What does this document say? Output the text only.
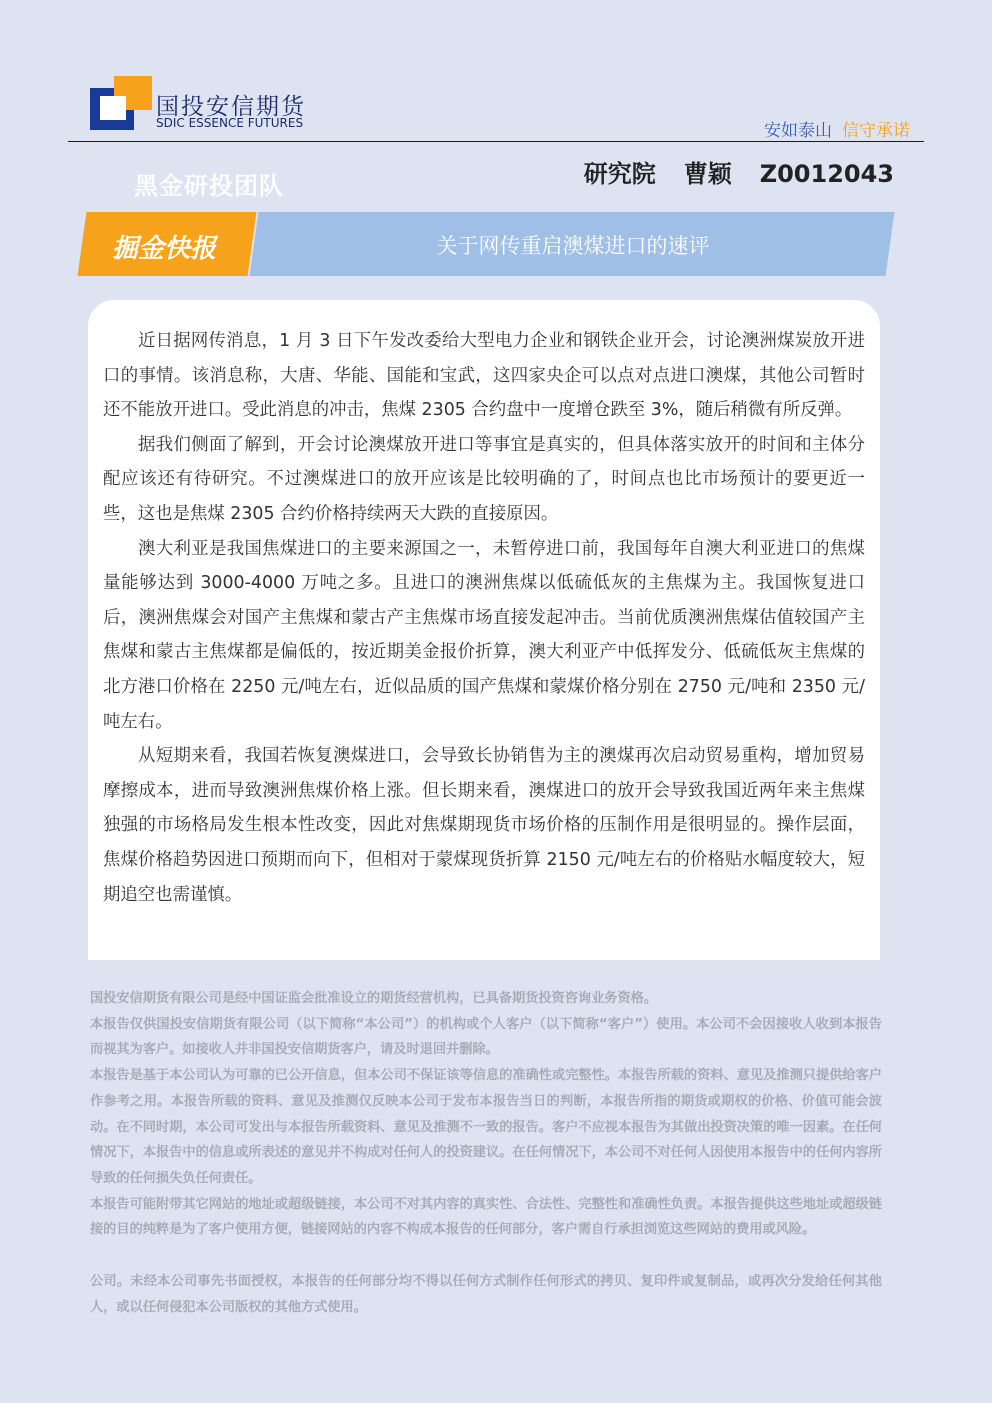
国投安信期货
SDIC ESSENCE FUTURES	安如泰山 信守承诺
黑金研投团队	研究院 曹颖 Z0012043
掘金快报	关于网传重启澳煤进口的速评

近日据网传消息，1 月 3 日下午发改委给大型电力企业和钢铁企业开会，讨论澳洲煤炭放开进口的事情。该消息称，大唐、华能、国能和宝武，这四家央企可以点对点进口澳煤，其他公司暂时还不能放开进口。受此消息的冲击，焦煤 2305 合约盘中一度增仓跌至 3%，随后稍微有所反弹。

据我们侧面了解到，开会讨论澳煤放开进口等事宜是真实的，但具体落实放开的时间和主体分配应该还有待研究。不过澳煤进口的放开应该是比较明确的了，时间点也比市场预计的要更近一些，这也是焦煤 2305 合约价格持续两天大跌的直接原因。

澳大利亚是我国焦煤进口的主要来源国之一，未暂停进口前，我国每年自澳大利亚进口的焦煤量能够达到 3000-4000 万吨之多。且进口的澳洲焦煤以低硫低灰的主焦煤为主。我国恢复进口后，澳洲焦煤会对国产主焦煤和蒙古产主焦煤市场直接发起冲击。当前优质澳洲焦煤估值较国产主焦煤和蒙古主焦煤都是偏低的，按近期美金报价折算，澳大利亚产中低挥发分、低硫低灰主焦煤的北方港口价格在 2250 元/吨左右，近似品质的国产焦煤和蒙煤价格分别在 2750 元/吨和 2350 元/吨左右。

从短期来看，我国若恢复澳煤进口，会导致长协销售为主的澳煤再次启动贸易重构，增加贸易摩擦成本，进而导致澳洲焦煤价格上涨。但长期来看，澳煤进口的放开会导致我国近两年来主焦煤独强的市场格局发生根本性改变，因此对焦煤期现货市场价格的压制作用是很明显的。操作层面，焦煤价格趋势因进口预期而向下，但相对于蒙煤现货折算 2150 元/吨左右的价格贴水幅度较大，短期追空也需谨慎。

国投安信期货有限公司是经中国证监会批准设立的期货经营机构，已具备期货投资咨询业务资格。

本报告仅供国投安信期货有限公司（以下简称“本公司”）的机构或个人客户（以下简称“客户”）使用。本公司不会因接收人收到本报告而视其为客户。如接收人并非国投安信期货客户，请及时退回并删除。

本报告是基于本公司认为可靠的已公开信息，但本公司不保证该等信息的准确性或完整性。本报告所载的资料、意见及推测只提供给客户作参考之用。本报告所载的资料、意见及推测仅反映本公司于发布本报告当日的判断，本报告所指的期货或期权的价格、价值可能会波动。在不同时期，本公司可发出与本报告所载资料、意见及推测不一致的报告。客户不应视本报告为其做出投资决策的唯一因素。在任何情况下，本报告中的信息或所表述的意见并不构成对任何人的投资建议。在任何情况下，本公司不对任何人因使用本报告中的任何内容所导致的任何损失负任何责任。

本报告可能附带其它网站的地址或超级链接，本公司不对其内容的真实性、合法性、完整性和准确性负责。本报告提供这些地址或超级链接的目的纯粹是为了客户使用方便，链接网站的内容不构成本报告的任何部分，客户需自行承担浏览这些网站的费用或风险。

公司。未经本公司事先书面授权，本报告的任何部分均不得以任何方式制作任何形式的拷贝、复印件或复制品，或再次分发给任何其他人，或以任何侵犯本公司版权的其他方式使用。
